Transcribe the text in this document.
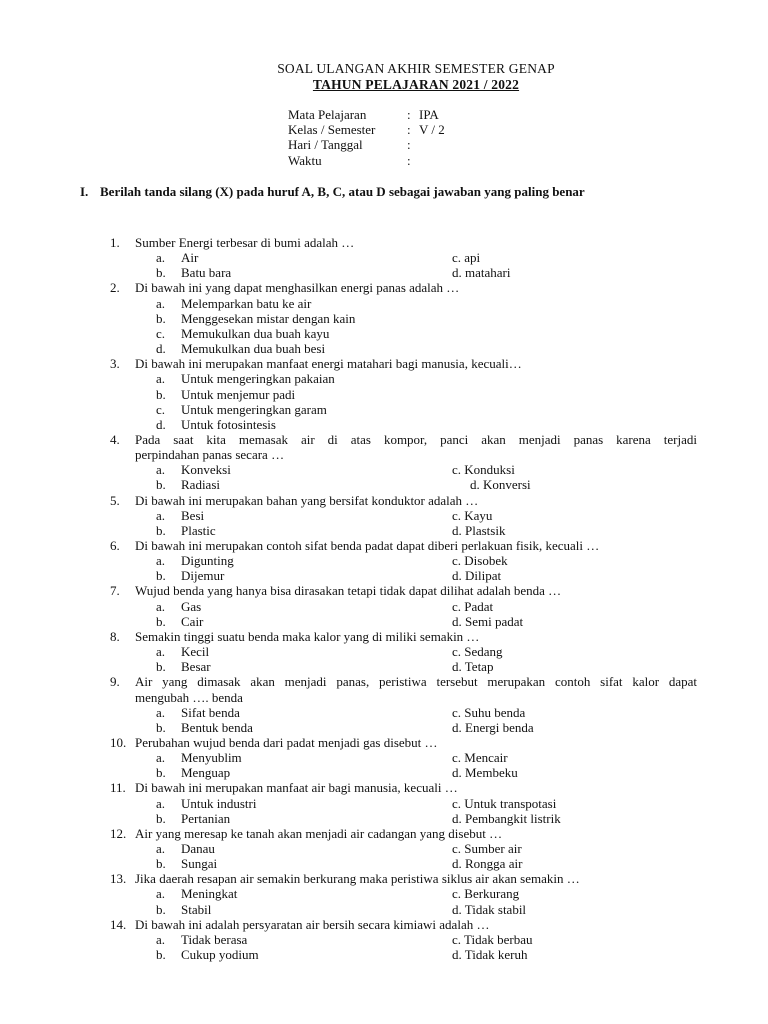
SOAL ULANGAN AKHIR SEMESTER GENAP
TAHUN PELAJARAN 2021 / 2022
Mata Pelajaran	: IPA
Kelas / Semester : V / 2
Hari / Tanggal	:
Waktu	:
I. Berilah tanda silang (X) pada huruf A, B, C, atau D sebagai jawaban yang paling benar
1. Sumber Energi terbesar di bumi adalah …
a. Air	c. api
b. Batu bara	d. matahari
2. Di bawah ini yang dapat menghasilkan energi panas adalah …
a. Melemparkan batu ke air
b. Menggesekan mistar dengan kain
c. Memukulkan dua buah kayu
d. Memukulkan dua buah besi
3. Di bawah ini merupakan manfaat energi matahari bagi manusia, kecuali…
a. Untuk mengeringkan pakaian
b. Untuk menjemur padi
c. Untuk mengeringkan garam
d. Untuk fotosintesis
4. Pada saat kita memasak air di atas kompor, panci akan menjadi panas karena terjadi
perpindahan panas secara …
a. Konveksi	c. Konduksi
b. Radiasi	d. Konversi
5. Di bawah ini merupakan bahan yang bersifat konduktor adalah …
a. Besi	c. Kayu
b. Plastic	d. Plastsik
6. Di bawah ini merupakan contoh sifat benda padat dapat diberi perlakuan fisik, kecuali …
a. Digunting	c. Disobek
b. Dijemur	d. Dilipat
7. Wujud benda yang hanya bisa dirasakan tetapi tidak dapat dilihat adalah benda …
a. Gas	c. Padat
b. Cair	d. Semi padat
8. Semakin tinggi suatu benda maka kalor yang di miliki semakin …
a. Kecil	c. Sedang
b. Besar	d. Tetap
9. Air yang dimasak akan menjadi panas, peristiwa tersebut merupakan contoh sifat kalor dapat
mengubah …. benda
a. Sifat benda	c. Suhu benda
b. Bentuk benda	d. Energi benda
10. Perubahan wujud benda dari padat menjadi gas disebut …
a. Menyublim	c. Mencair
b. Menguap	d. Membeku
11. Di bawah ini merupakan manfaat air bagi manusia, kecuali …
a. Untuk industri	c. Untuk transpotasi
b. Pertanian	d. Pembangkit listrik
12. Air yang meresap ke tanah akan menjadi air cadangan yang disebut …
a. Danau	c. Sumber air
b. Sungai	d. Rongga air
13. Jika daerah resapan air semakin berkurang maka peristiwa siklus air akan semakin …
a. Meningkat	c. Berkurang
b. Stabil	d. Tidak stabil
14. Di bawah ini adalah persyaratan air bersih secara kimiawi adalah …
a. Tidak berasa	c. Tidak berbau
b. Cukup yodium	d. Tidak keruh
